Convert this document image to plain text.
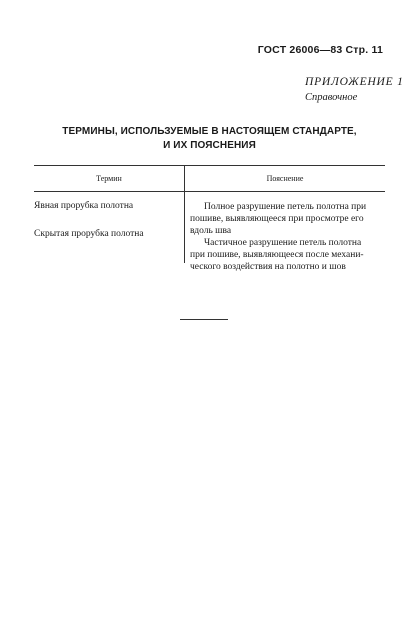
ГОСТ 26006—83 Стр. 11
ПРИЛОЖЕНИЕ 1
Справочное
ТЕРМИНЫ, ИСПОЛЬЗУЕМЫЕ В НАСТОЯЩЕМ СТАНДАРТЕ,
И ИХ ПОЯСНЕНИЯ
Термин	Пояснение
Явная прорубка полотна	Полное разрушение петель полотна при
пошиве, выявляющееся при просмотре его
вдоль шва
Скрытая прорубка полотна
Частичное разрушение петель полотна
при пошиве, выявляющееся после механи-
ческого воздействия на полотно и шов
